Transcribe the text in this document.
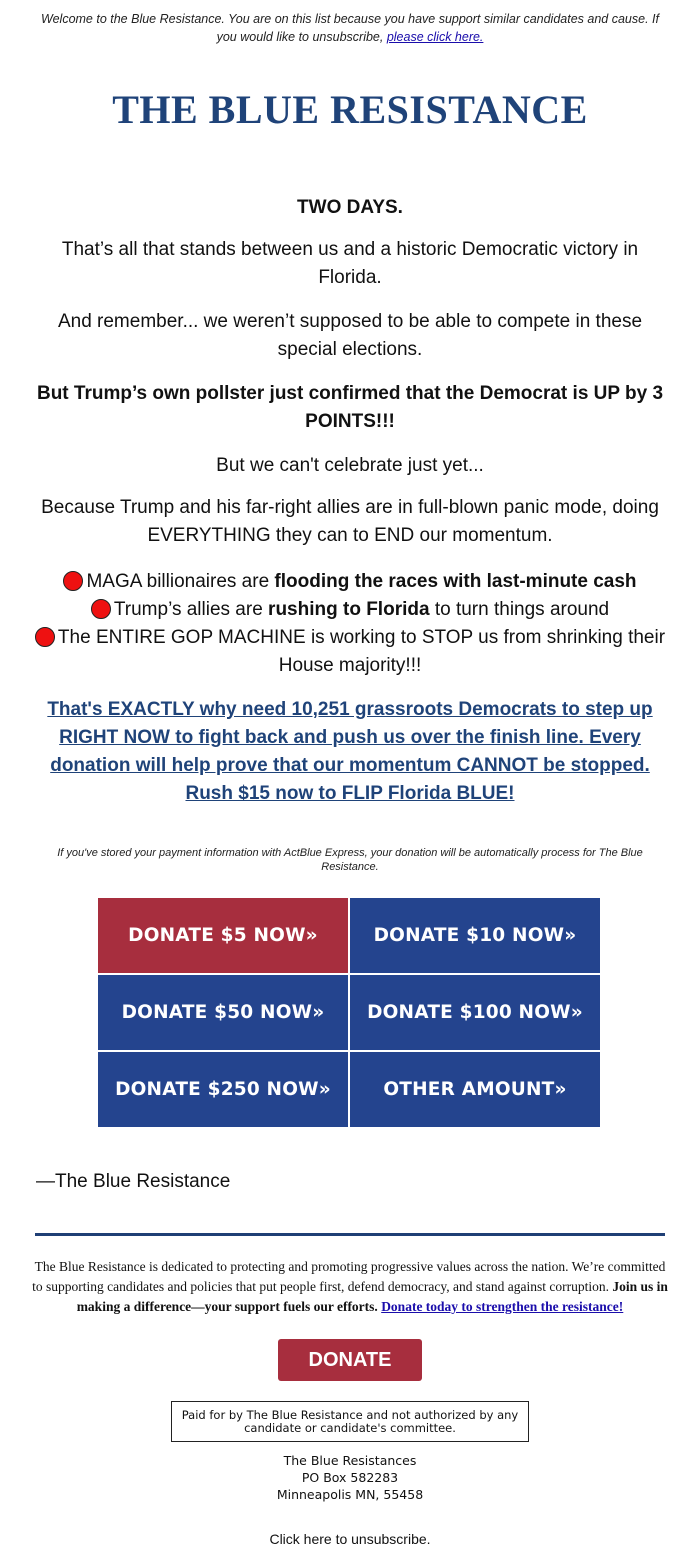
Welcome to the Blue Resistance. You are on this list because you have support similar candidates and cause. If you would like to unsubscribe, please click here.
THE BLUE RESISTANCE

TWO DAYS.

That’s all that stands between us and a historic Democratic victory in Florida.

And remember... we weren’t supposed to be able to compete in these special elections.

But Trump’s own pollster just confirmed that the Democrat is UP by 3 POINTS!!!

But we can't celebrate just yet...

Because Trump and his far-right allies are in full-blown panic mode, doing EVERYTHING they can to END our momentum.

MAGA billionaires are flooding the races with last-minute cash
Trump’s allies are rushing to Florida to turn things around
The ENTIRE GOP MACHINE is working to STOP us from shrinking their House majority!!!

That's EXACTLY why need 10,251 grassroots Democrats to step up RIGHT NOW to fight back and push us over the finish line. Every donation will help prove that our momentum CANNOT be stopped. Rush $15 now to FLIP Florida BLUE!
If you've stored your payment information with ActBlue Express, your donation will be automatically process for The Blue Resistance.
DONATE $5 NOW»	DONATE $10 NOW»
DONATE $50 NOW»	DONATE $100 NOW»
DONATE $250 NOW»	OTHER AMOUNT»
—The Blue Resistance
The Blue Resistance is dedicated to protecting and promoting progressive values across the nation. We’re committed to supporting candidates and policies that put people first, defend democracy, and stand against corruption. Join us in making a difference—your support fuels our efforts. Donate today to strengthen the resistance!
DONATE
Paid for by The Blue Resistance and not authorized by any candidate or candidate's committee.
The Blue Resistances
PO Box 582283
Minneapolis MN, 55458
Click here to unsubscribe.
